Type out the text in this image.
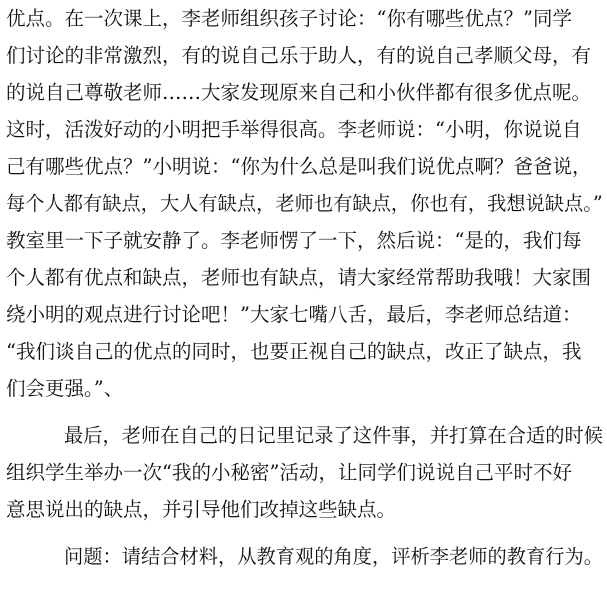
优点。在一次课上，李老师组织孩子讨论：“你有哪些优点？”同学
们讨论的非常激烈，有的说自己乐于助人，有的说自己孝顺父母，有
的说自己尊敬老师……大家发现原来自己和小伙伴都有很多优点呢。
这时，活泼好动的小明把手举得很高。李老师说：“小明，你说说自
己有哪些优点？”小明说：“你为什么总是叫我们说优点啊？爸爸说，
每个人都有缺点，大人有缺点，老师也有缺点，你也有，我想说缺点。”
教室里一下子就安静了。李老师愣了一下，然后说：“是的，我们每
个人都有优点和缺点，老师也有缺点，请大家经常帮助我哦！大家围
绕小明的观点进行讨论吧！”大家七嘴八舌，最后，李老师总结道：
“我们谈自己的优点的同时，也要正视自己的缺点，改正了缺点，我
们会更强。”、
最后，老师在自己的日记里记录了这件事，并打算在合适的时候
组织学生举办一次“我的小秘密”活动，让同学们说说自己平时不好
意思说出的缺点，并引导他们改掉这些缺点。
问题：请结合材料，从教育观的角度，评析李老师的教育行为。
